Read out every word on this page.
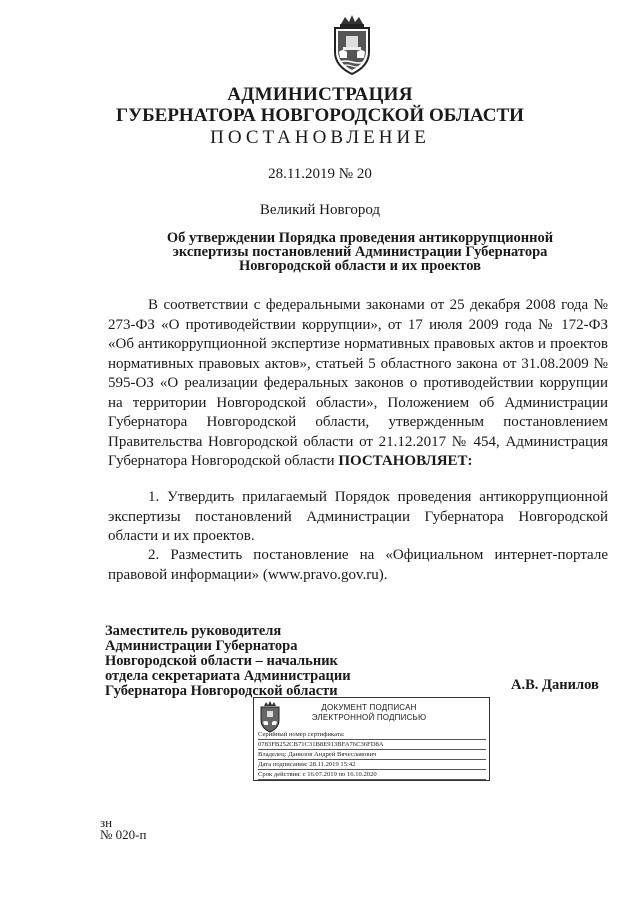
АДМИНИСТРАЦИЯ
ГУБЕРНАТОРА НОВГОРОДСКОЙ ОБЛАСТИ
ПОСТАНОВЛЕНИЕ
28.11.2019 № 20
Великий Новгород
Об утверждении Порядка проведения антикоррупционной экспертизы постановлений Администрации Губернатора Новгородской области и их проектов
В соответствии с федеральными законами от 25 декабря 2008 года № 273-ФЗ «О противодействии коррупции», от 17 июля 2009 года № 172-ФЗ «Об антикоррупционной экспертизе нормативных правовых актов и проектов нормативных правовых актов», статьей 5 областного закона от 31.08.2009 № 595-ОЗ «О реализации федеральных законов о противодействии коррупции на территории Новгородской области», Положением об Администрации Губернатора Новгородской области, утвержденным постановлением Правительства Новгородской области от 21.12.2017 № 454, Администрация Губернатора Новгородской области ПОСТАНОВЛЯЕТ:
1. Утвердить прилагаемый Порядок проведения антикоррупционной экспертизы постановлений Администрации Губернатора Новгородской области и их проектов.
2. Разместить постановление на «Официальном интернет-портале правовой информации» (www.pravo.gov.ru).
Заместитель руководителя
Администрации Губернатора
Новгородской области – начальник
отдела секретариата Администрации
Губернатора Новгородской области	А.В. Данилов
ДОКУМЕНТ ПОДПИСАН
ЭЛЕКТРОННОЙ ПОДПИСЬЮ
Серийный номер сертификата:
0783FB252CB71C31B8E913BFA76C36FD8A
Владелец: Данилов Андрей Вячеславович
Дата подписания: 28.11.2019 15:42
Срок действия: с 16.07.2019 по 16.10.2020
зн
№ 020-п
